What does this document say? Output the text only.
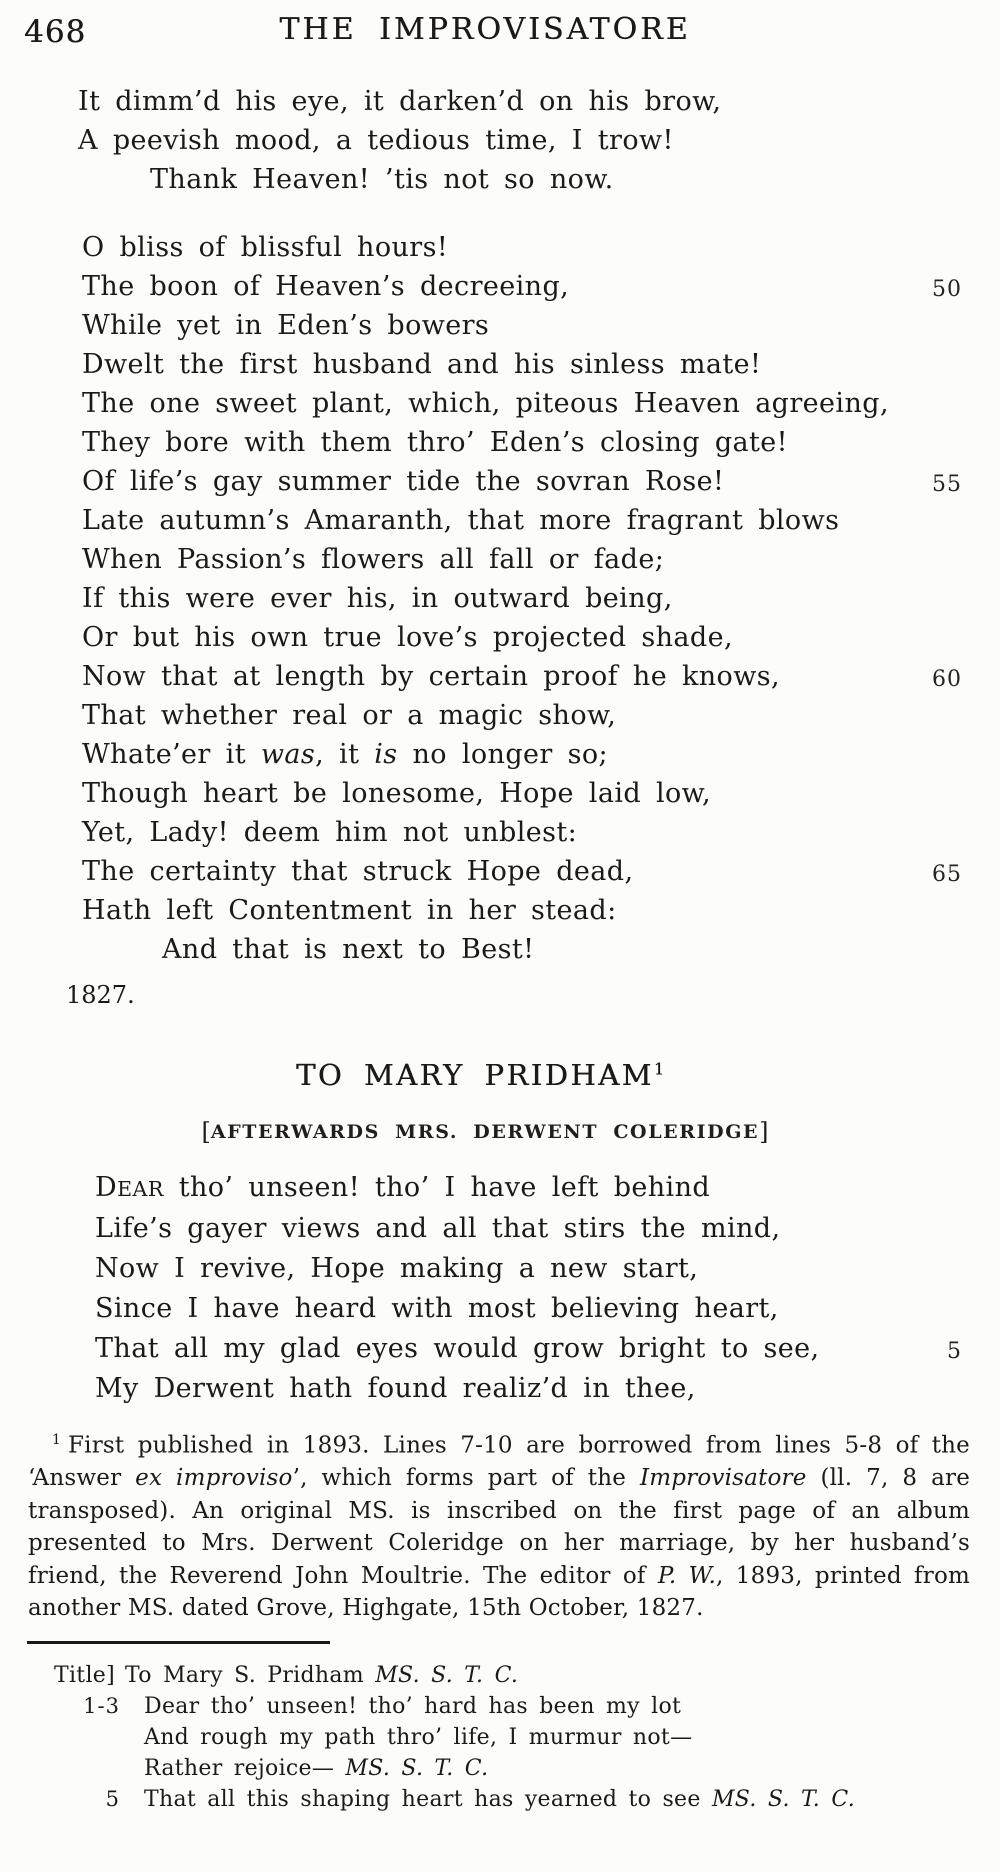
468	THE IMPROVISATORE
It dimm’d his eye, it darken’d on his brow,
A peevish mood, a tedious time, I trow!
Thank Heaven! ’tis not so now.
O bliss of blissful hours!
The boon of Heaven’s decreeing,	50
While yet in Eden’s bowers
Dwelt the first husband and his sinless mate!
The one sweet plant, which, piteous Heaven agreeing,
They bore with them thro’ Eden’s closing gate!
Of life’s gay summer tide the sovran Rose!	55
Late autumn’s Amaranth, that more fragrant blows
When Passion’s flowers all fall or fade;
If this were ever his, in outward being,
Or but his own true love’s projected shade,
Now that at length by certain proof he knows,	60
That whether real or a magic show,
Whate’er it was, it is no longer so;
Though heart be lonesome, Hope laid low,
Yet, Lady! deem him not unblest:
The certainty that struck Hope dead,	65
Hath left Contentment in her stead:
And that is next to Best!
1827.
TO MARY PRIDHAM$^1$
[AFTERWARDS MRS. DERWENT COLERIDGE]
DEAR tho’ unseen! tho’ I have left behind
Life’s gayer views and all that stirs the mind,
Now I revive, Hope making a new start,
Since I have heard with most believing heart,
That all my glad eyes would grow bright to see,	5
My Derwent hath found realiz’d in thee,

$^1$ First published in 1893. Lines 7-10 are borrowed from lines 5-8 of the ‘Answer ex improviso’, which forms part of the Improvisatore (ll. 7, 8 are transposed). An original MS. is inscribed on the first page of an album presented to Mrs. Derwent Coleridge on her marriage, by her husband’s friend, the Reverend John Moultrie. The editor of P. W., 1893, printed from another MS. dated Grove, Highgate, 15th October, 1827.

Title] To Mary S. Pridham MS. S. T. C.
1-3 Dear tho’ unseen! tho’ hard has been my lot
And rough my path thro’ life, I murmur not—
Rather rejoice— MS. S. T. C.
5 That all this shaping heart has yearned to see MS. S. T. C.
